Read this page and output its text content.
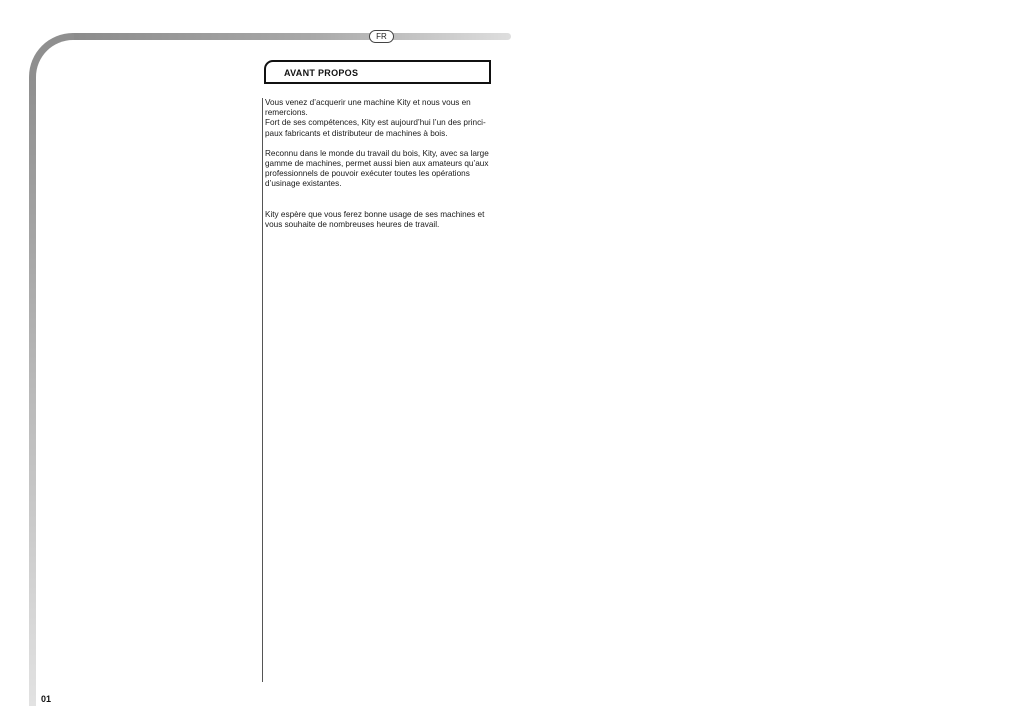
FR
AVANT PROPOS

Vous venez d’acquerir une machine Kity et nous vous en
remercions.
Fort de ses compétences, Kity est aujourd’hui l’un des princi-
paux fabricants et distributeur de machines à bois.

Reconnu dans le monde du travail du bois, Kity, avec sa large
gamme de machines, permet aussi bien aux amateurs qu’aux
professionnels de pouvoir exécuter toutes les opérations
d’usinage existantes.

Kity espère que vous ferez bonne usage de ses machines et
vous souhaite de nombreuses heures de travail.

01
